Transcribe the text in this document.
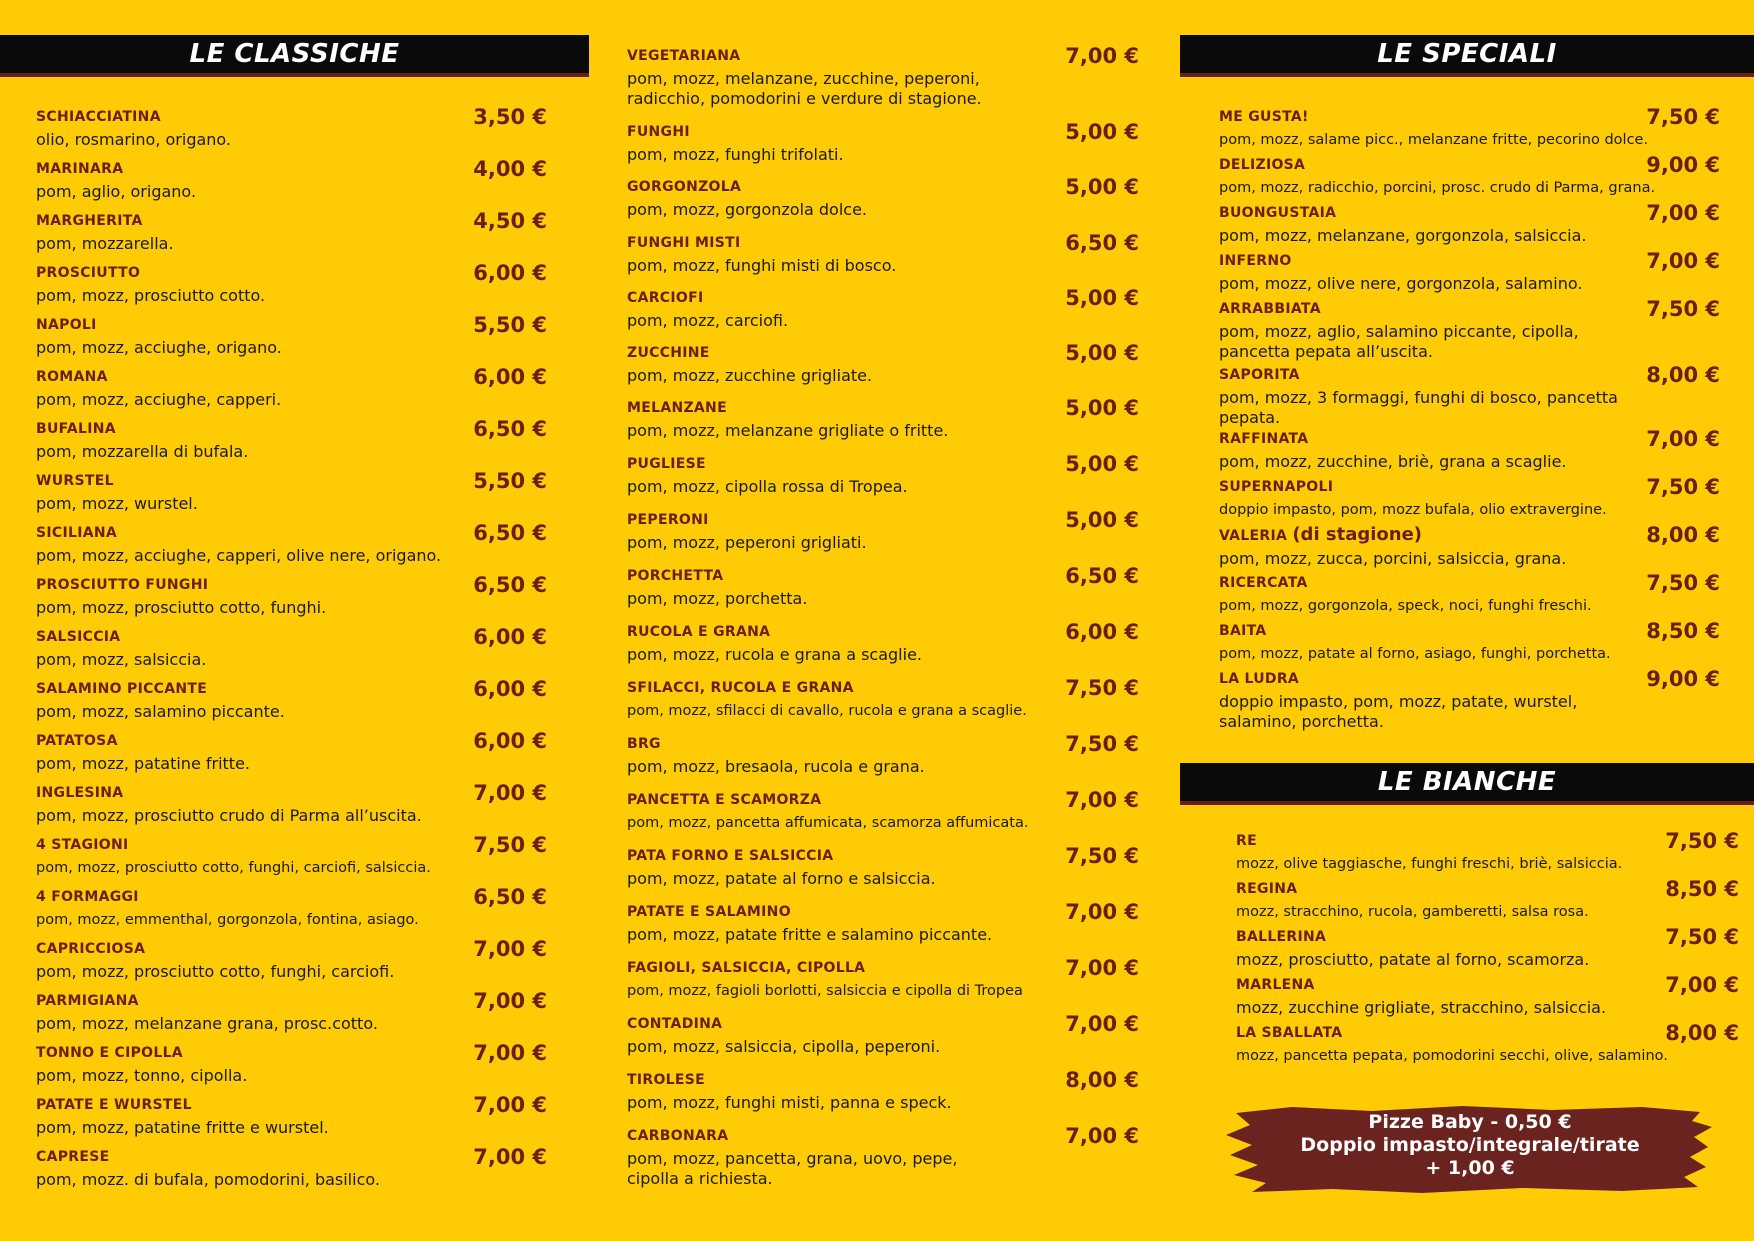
LE CLASSICHE	LE SPECIALI
LE BIANCHE
SCHIACCIATINA	3,50 €
olio, rosmarino, origano.
MARINARA	4,00 €
pom, aglio, origano.
MARGHERITA	4,50 €
pom, mozzarella.
PROSCIUTTO	6,00 €
pom, mozz, prosciutto cotto.
NAPOLI	5,50 €
pom, mozz, acciughe, origano.
ROMANA	6,00 €
pom, mozz, acciughe, capperi.
BUFALINA	6,50 €
pom, mozzarella di bufala.
WURSTEL	5,50 €
pom, mozz, wurstel.
SICILIANA	6,50 €
pom, mozz, acciughe, capperi, olive nere, origano.
PROSCIUTTO FUNGHI	6,50 €
pom, mozz, prosciutto cotto, funghi.
SALSICCIA	6,00 €
pom, mozz, salsiccia.
SALAMINO PICCANTE	6,00 €
pom, mozz, salamino piccante.
PATATOSA	6,00 €
pom, mozz, patatine fritte.
INGLESINA	7,00 €
pom, mozz, prosciutto crudo di Parma all’uscita.
4 STAGIONI	7,50 €
pom, mozz, prosciutto cotto, funghi, carciofi, salsiccia.
4 FORMAGGI	6,50 €
pom, mozz, emmenthal, gorgonzola, fontina, asiago.
CAPRICCIOSA	7,00 €
pom, mozz, prosciutto cotto, funghi, carciofi.
PARMIGIANA	7,00 €
pom, mozz, melanzane grana, prosc.cotto.
TONNO E CIPOLLA	7,00 €
pom, mozz, tonno, cipolla.
PATATE E WURSTEL	7,00 €
pom, mozz, patatine fritte e wurstel.
CAPRESE	7,00 €
pom, mozz. di bufala, pomodorini, basilico.
VEGETARIANA	7,00 €
pom, mozz, melanzane, zucchine, peperoni,
radicchio, pomodorini e verdure di stagione.
FUNGHI	5,00 €
pom, mozz, funghi trifolati.
GORGONZOLA	5,00 €
pom, mozz, gorgonzola dolce.
FUNGHI MISTI	6,50 €
pom, mozz, funghi misti di bosco.
CARCIOFI	5,00 €
pom, mozz, carciofi.
ZUCCHINE	5,00 €
pom, mozz, zucchine grigliate.
MELANZANE	5,00 €
pom, mozz, melanzane grigliate o fritte.
PUGLIESE	5,00 €
pom, mozz, cipolla rossa di Tropea.
PEPERONI	5,00 €
pom, mozz, peperoni grigliati.
PORCHETTA	6,50 €
pom, mozz, porchetta.
RUCOLA E GRANA	6,00 €
pom, mozz, rucola e grana a scaglie.
SFILACCI, RUCOLA E GRANA	7,50 €
pom, mozz, sfilacci di cavallo, rucola e grana a scaglie.
BRG	7,50 €
pom, mozz, bresaola, rucola e grana.
PANCETTA E SCAMORZA	7,00 €
pom, mozz, pancetta affumicata, scamorza affumicata.
PATA FORNO E SALSICCIA	7,50 €
pom, mozz, patate al forno e salsiccia.
PATATE E SALAMINO	7,00 €
pom, mozz, patate fritte e salamino piccante.
FAGIOLI, SALSICCIA, CIPOLLA	7,00 €
pom, mozz, fagioli borlotti, salsiccia e cipolla di Tropea
CONTADINA	7,00 €
pom, mozz, salsiccia, cipolla, peperoni.
TIROLESE	8,00 €
pom, mozz, funghi misti, panna e speck.
CARBONARA	7,00 €
pom, mozz, pancetta, grana, uovo, pepe,
cipolla a richiesta.
ME GUSTA!	7,50 €
pom, mozz, salame picc., melanzane fritte, pecorino dolce.
DELIZIOSA	9,00 €
pom, mozz, radicchio, porcini, prosc. crudo di Parma, grana.
BUONGUSTAIA	7,00 €
pom, mozz, melanzane, gorgonzola, salsiccia.
INFERNO	7,00 €
pom, mozz, olive nere, gorgonzola, salamino.
ARRABBIATA	7,50 €
pom, mozz, aglio, salamino piccante, cipolla,
pancetta pepata all’uscita.
SAPORITA	8,00 €
pom, mozz, 3 formaggi, funghi di bosco, pancetta
pepata.
RAFFINATA	7,00 €
pom, mozz, zucchine, briè, grana a scaglie.
SUPERNAPOLI	7,50 €
doppio impasto, pom, mozz bufala, olio extravergine.
VALERIA (di stagione)	8,00 €
pom, mozz, zucca, porcini, salsiccia, grana.
RICERCATA	7,50 €
pom, mozz, gorgonzola, speck, noci, funghi freschi.
BAITA	8,50 €
pom, mozz, patate al forno, asiago, funghi, porchetta.
LA LUDRA	9,00 €
doppio impasto, pom, mozz, patate, wurstel,
salamino, porchetta.
RE	7,50 €
mozz, olive taggiasche, funghi freschi, briè, salsiccia.
REGINA	8,50 €
mozz, stracchino, rucola, gamberetti, salsa rosa.
BALLERINA	7,50 €
mozz, prosciutto, patate al forno, scamorza.
MARLENA	7,00 €
mozz, zucchine grigliate, stracchino, salsiccia.
LA SBALLATA	8,00 €
mozz, pancetta pepata, pomodorini secchi, olive, salamino.
Pizze Baby - 0,50 €
Doppio impasto/integrale/tirate
+ 1,00 €
